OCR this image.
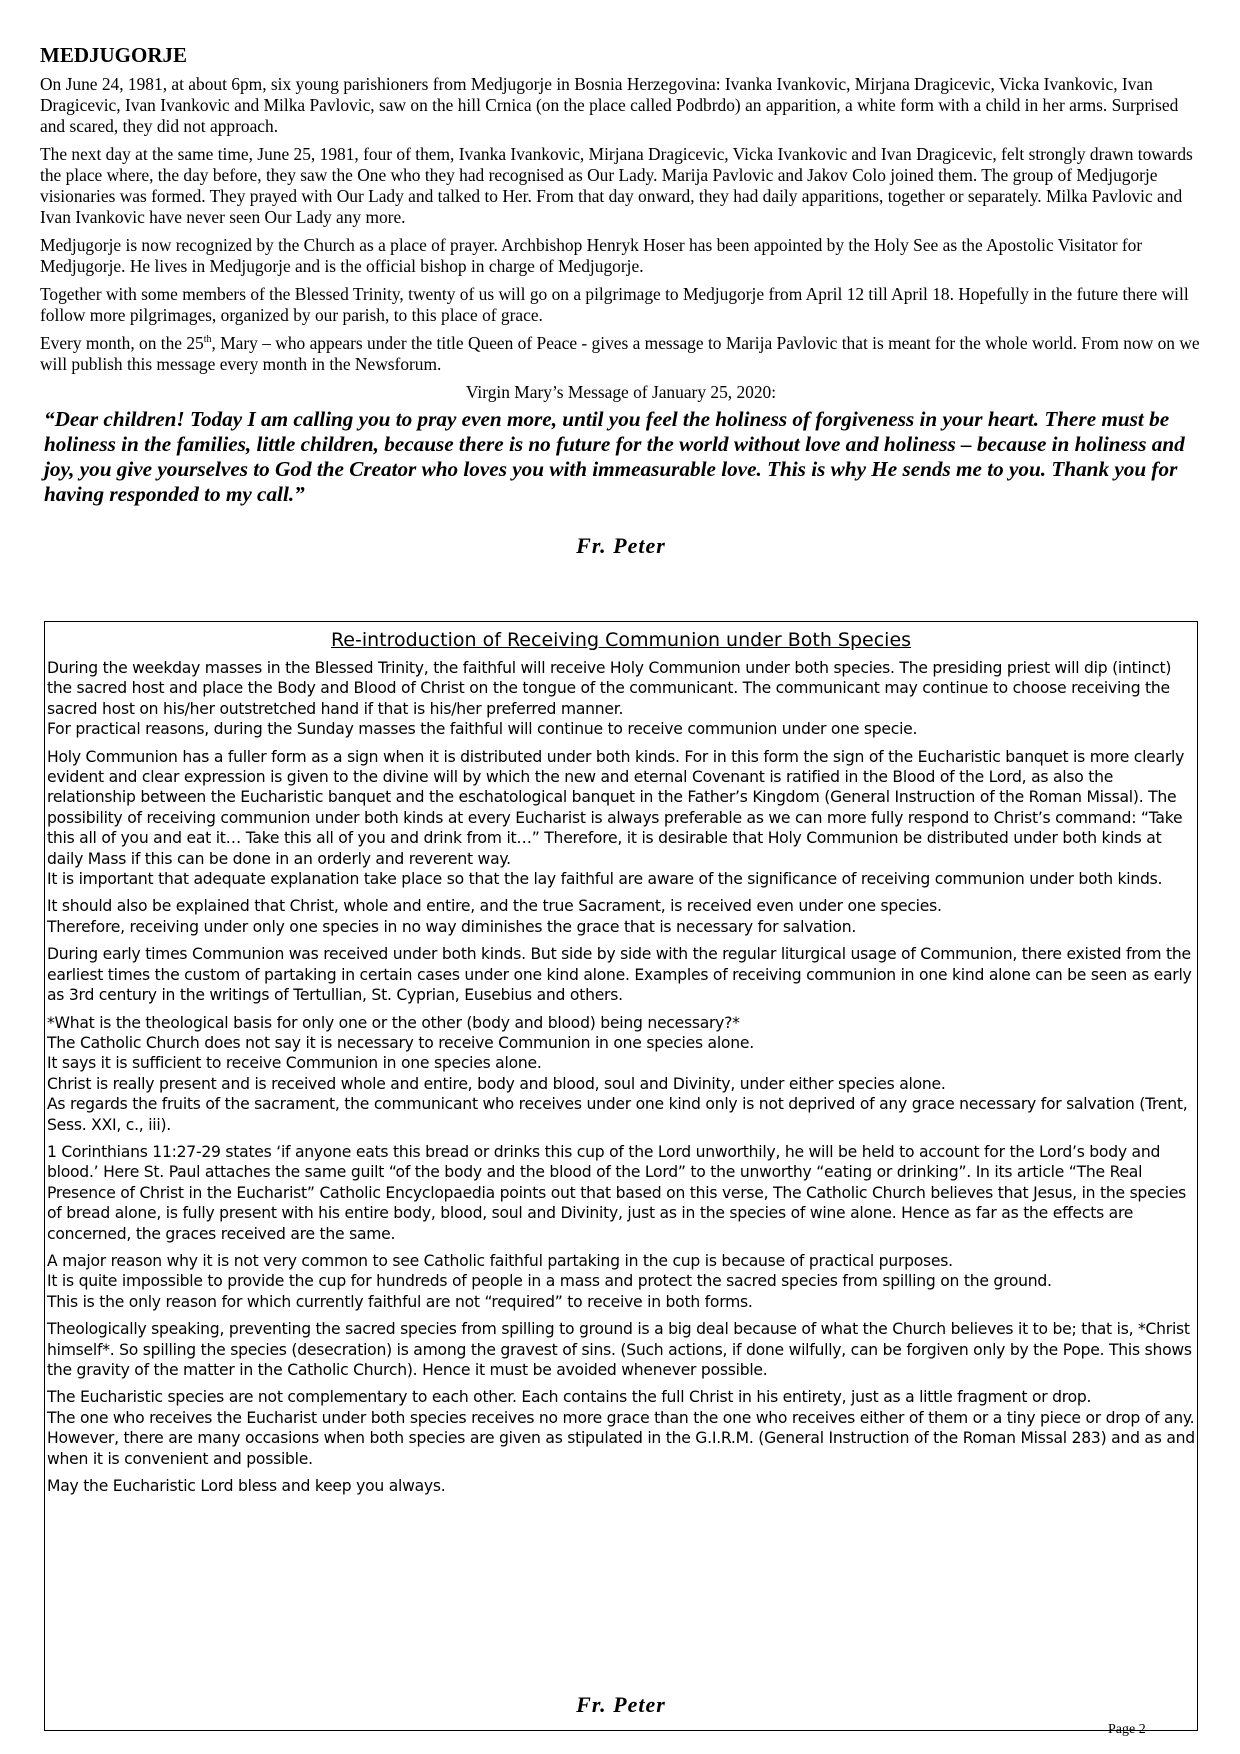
MEDJUGORJE

On June 24, 1981, at about 6pm, six young parishioners from Medjugorje in Bosnia Herzegovina: Ivanka Ivankovic, Mirjana Dragicevic, Vicka Ivankovic, Ivan Dragicevic, Ivan Ivankovic and Milka Pavlovic, saw on the hill Crnica (on the place called Podbrdo) an apparition, a white form with a child in her arms. Surprised and scared, they did not approach.

The next day at the same time, June 25, 1981, four of them, Ivanka Ivankovic, Mirjana Dragicevic, Vicka Ivankovic and Ivan Dragicevic, felt strongly drawn towards the place where, the day before, they saw the One who they had recognised as Our Lady. Marija Pavlovic and Jakov Colo joined them. The group of Medjugorje visionaries was formed. They prayed with Our Lady and talked to Her. From that day onward, they had daily apparitions, together or separately. Milka Pavlovic and Ivan Ivankovic have never seen Our Lady any more.

Medjugorje is now recognized by the Church as a place of prayer. Archbishop Henryk Hoser has been appointed by the Holy See as the Apostolic Visitator for Medjugorje. He lives in Medjugorje and is the official bishop in charge of Medjugorje.

Together with some members of the Blessed Trinity, twenty of us will go on a pilgrimage to Medjugorje from April 12 till April 18. Hopefully in the future there will follow more pilgrimages, organized by our parish, to this place of grace.

Every month, on the 25th, Mary – who appears under the title Queen of Peace - gives a message to Marija Pavlovic that is meant for the whole world. From now on we will publish this message every month in the Newsforum.

Virgin Mary’s Message of January 25, 2020:

“Dear children! Today I am calling you to pray even more, until you feel the holiness of forgiveness in your heart. There must be holiness in the families, little children, because there is no future for the world without love and holiness – because in holiness and joy, you give yourselves to God the Creator who loves you with immeasurable love. This is why He sends me to you. Thank you for having responded to my call.”

Fr. Peter
Re-introduction of Receiving Communion under Both Species
During the weekday masses in the Blessed Trinity, the faithful will receive Holy Communion under both species. The presiding priest will dip (intinct) the sacred host and place the Body and Blood of Christ on the tongue of the communicant. The communicant may continue to choose receiving the sacred host on his/her outstretched hand if that is his/her preferred manner.
For practical reasons, during the Sunday masses the faithful will continue to receive communion under one specie.
Holy Communion has a fuller form as a sign when it is distributed under both kinds. For in this form the sign of the Eucharistic banquet is more clearly evident and clear expression is given to the divine will by which the new and eternal Covenant is ratified in the Blood of the Lord, as also the relationship between the Eucharistic banquet and the eschatological banquet in the Father’s Kingdom (General Instruction of the Roman Missal). The possibility of receiving communion under both kinds at every Eucharist is always preferable as we can more fully respond to Christ’s command: “Take this all of you and eat it… Take this all of you and drink from it…” Therefore, it is desirable that Holy Communion be distributed under both kinds at daily Mass if this can be done in an orderly and reverent way.
It is important that adequate explanation take place so that the lay faithful are aware of the significance of receiving communion under both kinds.
It should also be explained that Christ, whole and entire, and the true Sacrament, is received even under one species.
Therefore, receiving under only one species in no way diminishes the grace that is necessary for salvation.
During early times Communion was received under both kinds. But side by side with the regular liturgical usage of Communion, there existed from the earliest times the custom of partaking in certain cases under one kind alone. Examples of receiving communion in one kind alone can be seen as early as 3rd century in the writings of Tertullian, St. Cyprian, Eusebius and others.
*What is the theological basis for only one or the other (body and blood) being necessary?*
The Catholic Church does not say it is necessary to receive Communion in one species alone.
It says it is sufficient to receive Communion in one species alone.
Christ is really present and is received whole and entire, body and blood, soul and Divinity, under either species alone.
As regards the fruits of the sacrament, the communicant who receives under one kind only is not deprived of any grace necessary for salvation (Trent, Sess. XXI, c., iii).
1 Corinthians 11:27-29 states ‘if anyone eats this bread or drinks this cup of the Lord unworthily, he will be held to account for the Lord’s body and blood.’ Here St. Paul attaches the same guilt “of the body and the blood of the Lord” to the unworthy “eating or drinking”. In its article “The Real Presence of Christ in the Eucharist” Catholic Encyclopaedia points out that based on this verse, The Catholic Church believes that Jesus, in the species of bread alone, is fully present with his entire body, blood, soul and Divinity, just as in the species of wine alone. Hence as far as the effects are concerned, the graces received are the same.
A major reason why it is not very common to see Catholic faithful partaking in the cup is because of practical purposes.
It is quite impossible to provide the cup for hundreds of people in a mass and protect the sacred species from spilling on the ground.
This is the only reason for which currently faithful are not “required” to receive in both forms.
Theologically speaking, preventing the sacred species from spilling to ground is a big deal because of what the Church believes it to be; that is, *Christ himself*. So spilling the species (desecration) is among the gravest of sins. (Such actions, if done wilfully, can be forgiven only by the Pope. This shows the gravity of the matter in the Catholic Church). Hence it must be avoided whenever possible.
The Eucharistic species are not complementary to each other. Each contains the full Christ in his entirety, just as a little fragment or drop.
The one who receives the Eucharist under both species receives no more grace than the one who receives either of them or a tiny piece or drop of any. However, there are many occasions when both species are given as stipulated in the G.I.R.M. (General Instruction of the Roman Missal 283) and as and when it is convenient and possible.
May the Eucharistic Lord bless and keep you always.
Fr. Peter
Page 2
